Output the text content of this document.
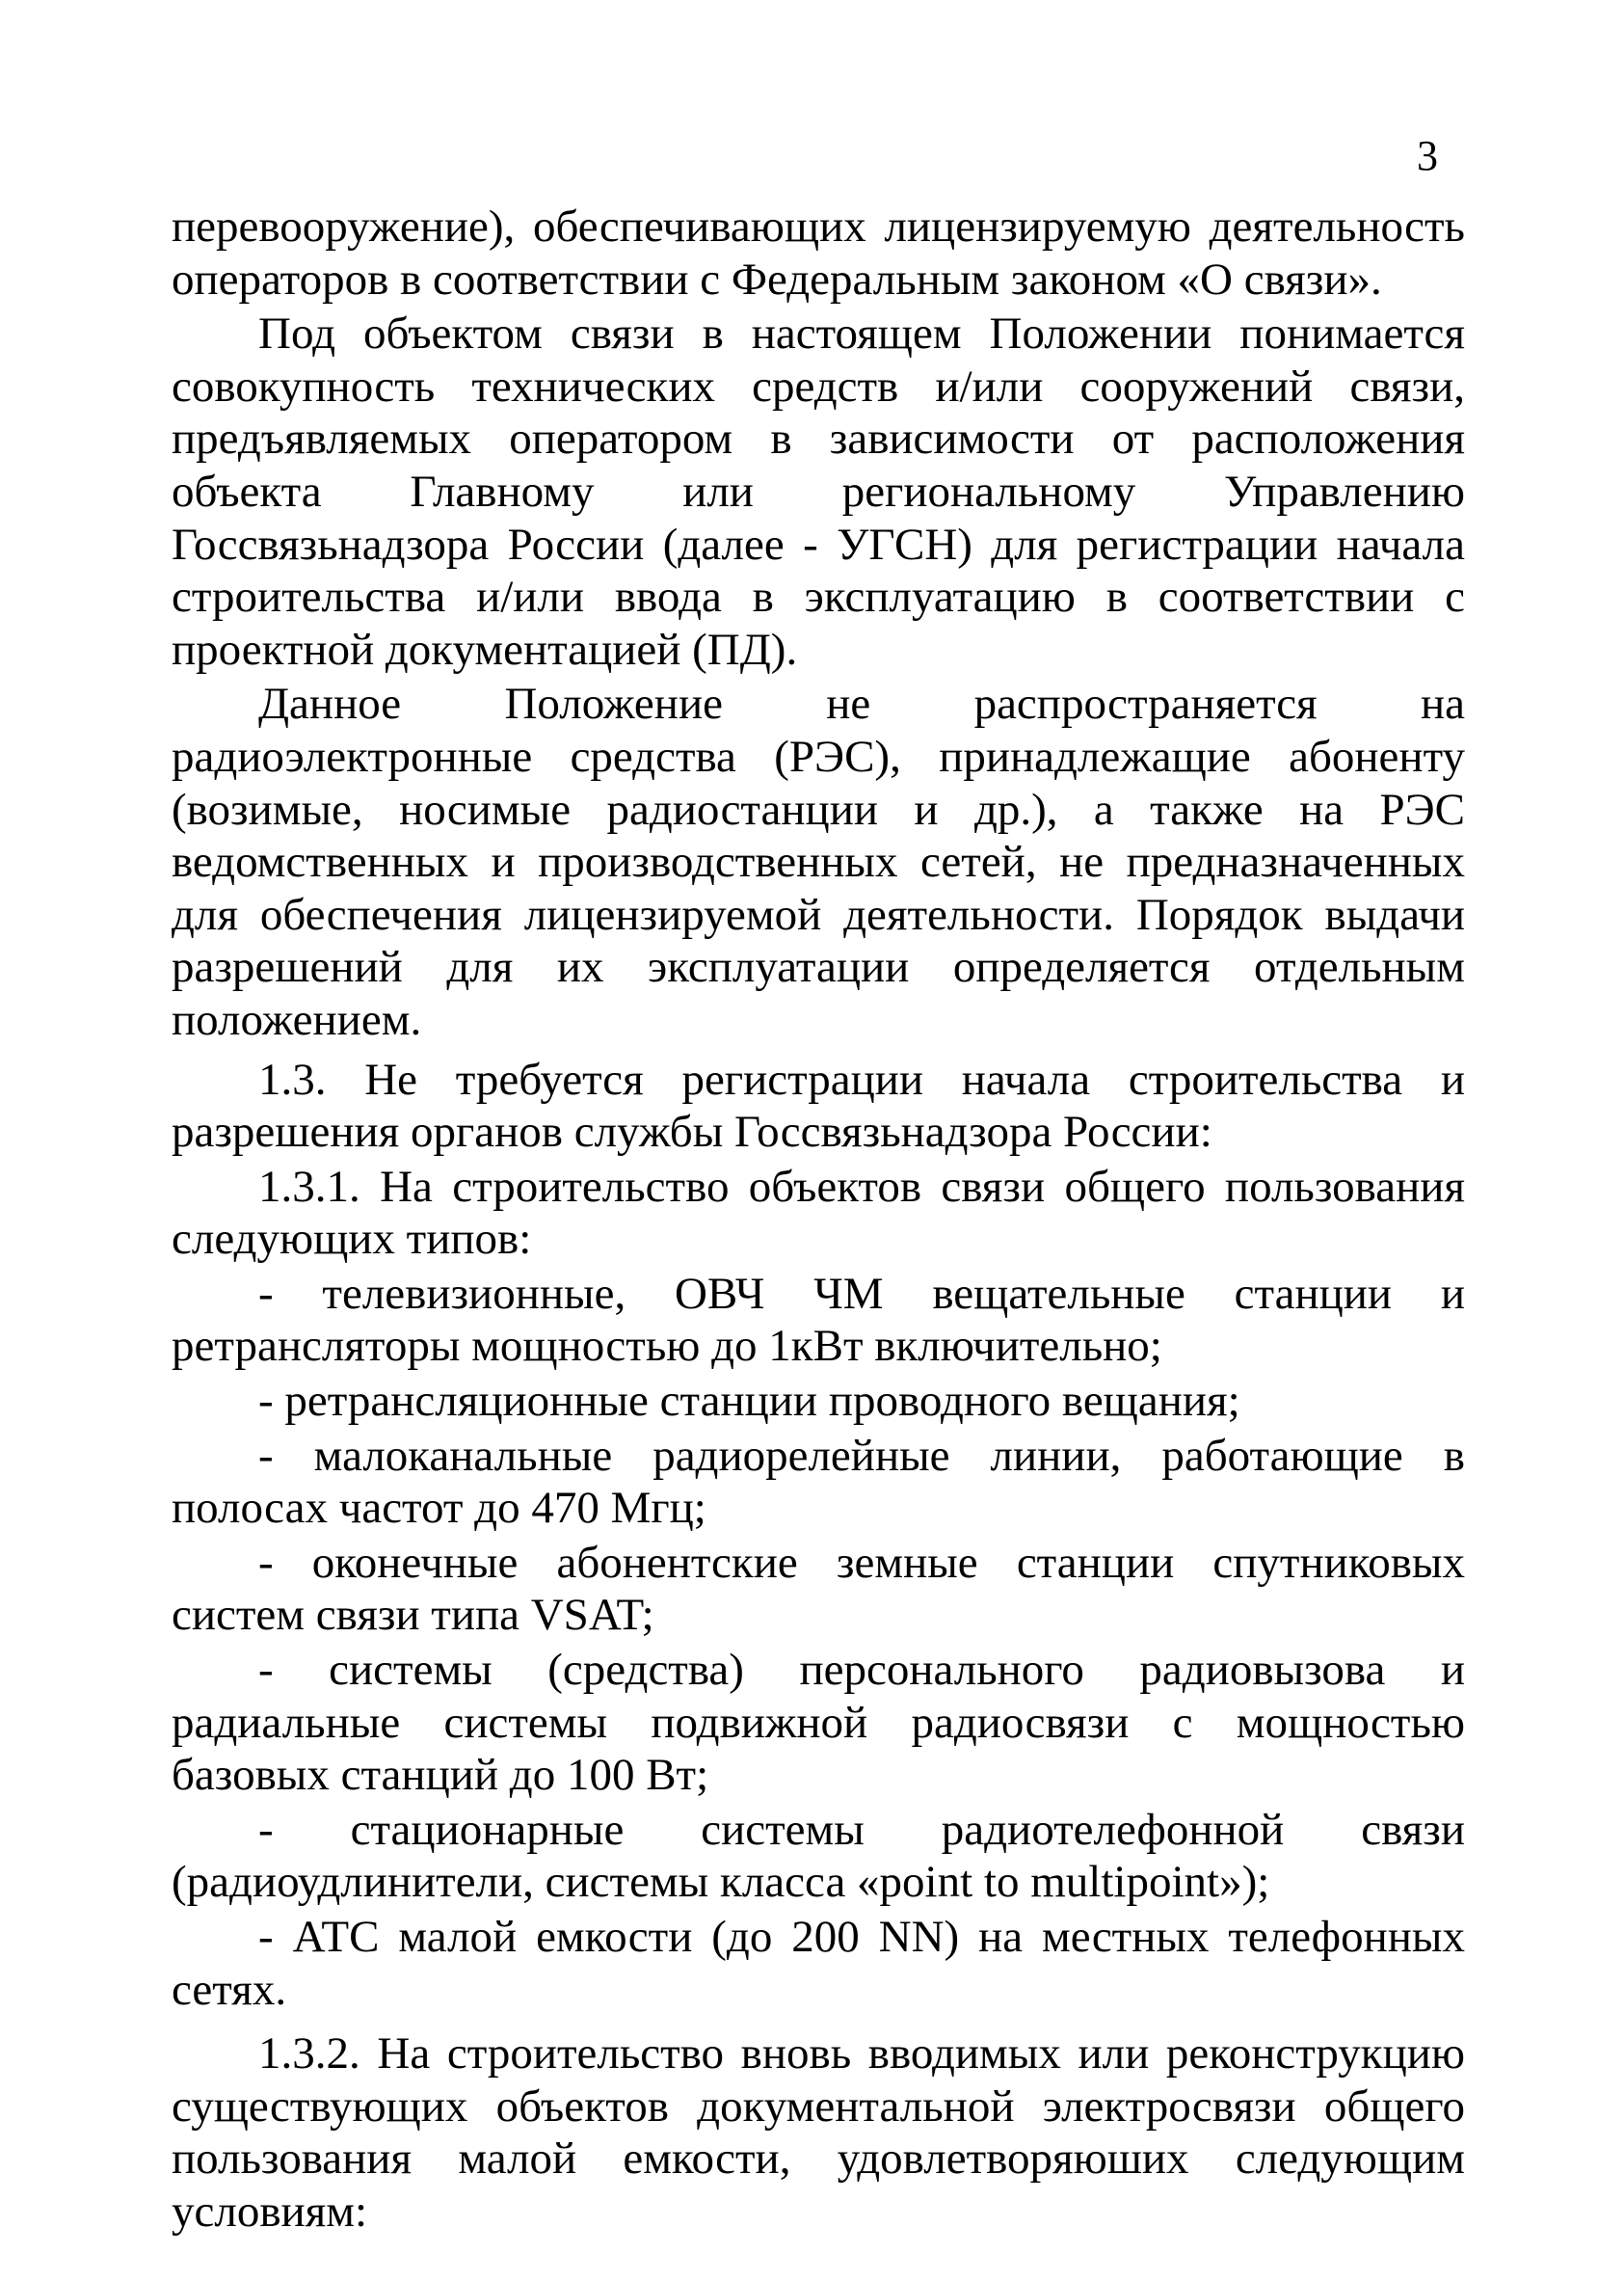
3

перевооружение), обеспечивающих лицензируемую деятельность операторов в соответствии с Федеральным законом «О связи».

Под объектом связи в настоящем Положении понимается совокупность технических средств и/или сооружений связи, предъявляемых оператором в зависимости от расположения объекта Главному или региональному Управлению Госсвязьнадзора России (далее - УГСН) для регистрации начала строительства и/или ввода в эксплуатацию в соответствии с проектной документацией (ПД).

Данное Положение не распространяется на радиоэлектронные средства (РЭС), принадлежащие абоненту (возимые, носимые радиостанции и др.), а также на РЭС ведомственных и производственных сетей, не предназначенных для обеспечения лицензируемой деятельности. Порядок выдачи разрешений для их эксплуатации определяется отдельным положением.

1.3. Не требуется регистрации начала строительства и разрешения органов службы Госсвязьнадзора России:

1.3.1. На строительство объектов связи общего пользования следующих типов:

- телевизионные, ОВЧ ЧМ вещательные станции и ретрансляторы мощностью до 1кВт включительно;

- ретрансляционные станции проводного вещания;

- малоканальные радиорелейные линии, работающие в полосах частот до 470 Мгц;

- оконечные абонентские земные станции спутниковых систем связи типа VSAT;

- системы (средства) персонального радиовызова и радиальные системы подвижной радиосвязи с мощностью базовых станций до 100 Вт;

- стационарные системы радиотелефонной связи (радиоудлинители, системы класса «point to multipoint»);

- АТС малой емкости (до 200 NN) на местных телефонных сетях.

1.3.2. На строительство вновь вводимых или реконструкцию существующих объектов документальной электросвязи общего пользования малой емкости, удовлетворяюших следующим условиям:
